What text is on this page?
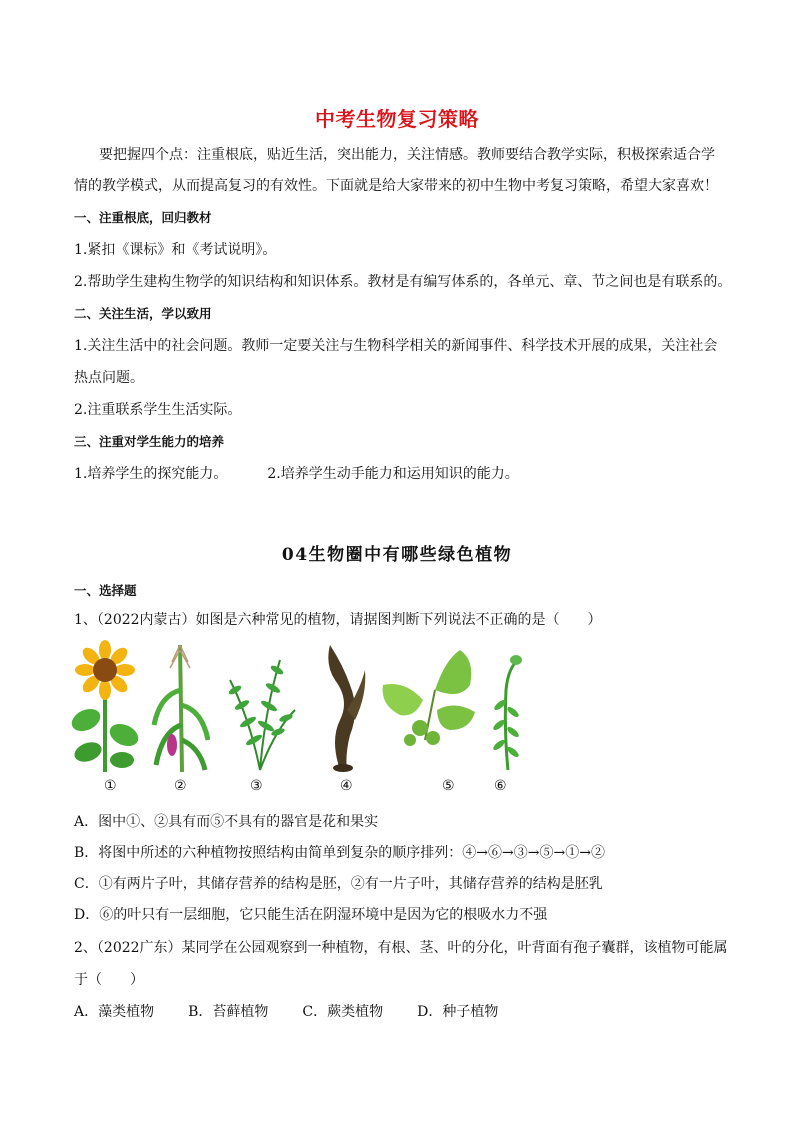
中考生物复习策略
要把握四个点：注重根底，贴近生活，突出能力，关注情感。教师要结合教学实际，积极探索适合学
情的教学模式，从而提高复习的有效性。下面就是给大家带来的初中生物中考复习策略，希望大家喜欢！
一、注重根底，回归教材
1.紧扣《课标》和《考试说明》。
2.帮助学生建构生物学的知识结构和知识体系。教材是有编写体系的，各单元、章、节之间也是有联系的。
二、关注生活，学以致用
1.关注生活中的社会问题。教师一定要关注与生物科学相关的新闻事件、科学技术开展的成果，关注社会
热点问题。
2.注重联系学生生活实际。
三、注重对学生能力的培养
1.培养学生的探究能力。	2.培养学生动手能力和运用知识的能力。
04生物圈中有哪些绿色植物
一、选择题
1、（2022内蒙古）如图是六种常见的植物，请据图判断下列说法不正确的是（　　）
①	②	③	④	⑤	⑥
A．图中①、②具有而⑤不具有的器官是花和果实
B．将图中所述的六种植物按照结构由简单到复杂的顺序排列：④→⑥→③→⑤→①→②
C．①有两片子叶，其储存营养的结构是胚，②有一片子叶，其储存营养的结构是胚乳
D．⑥的叶只有一层细胞，它只能生活在阴湿环境中是因为它的根吸水力不强
2、（2022广东）某同学在公园观察到一种植物，有根、茎、叶的分化，叶背面有孢子囊群，该植物可能属
于（　　）
A．藻类植物 B．苔藓植物 C．蕨类植物 D．种子植物
